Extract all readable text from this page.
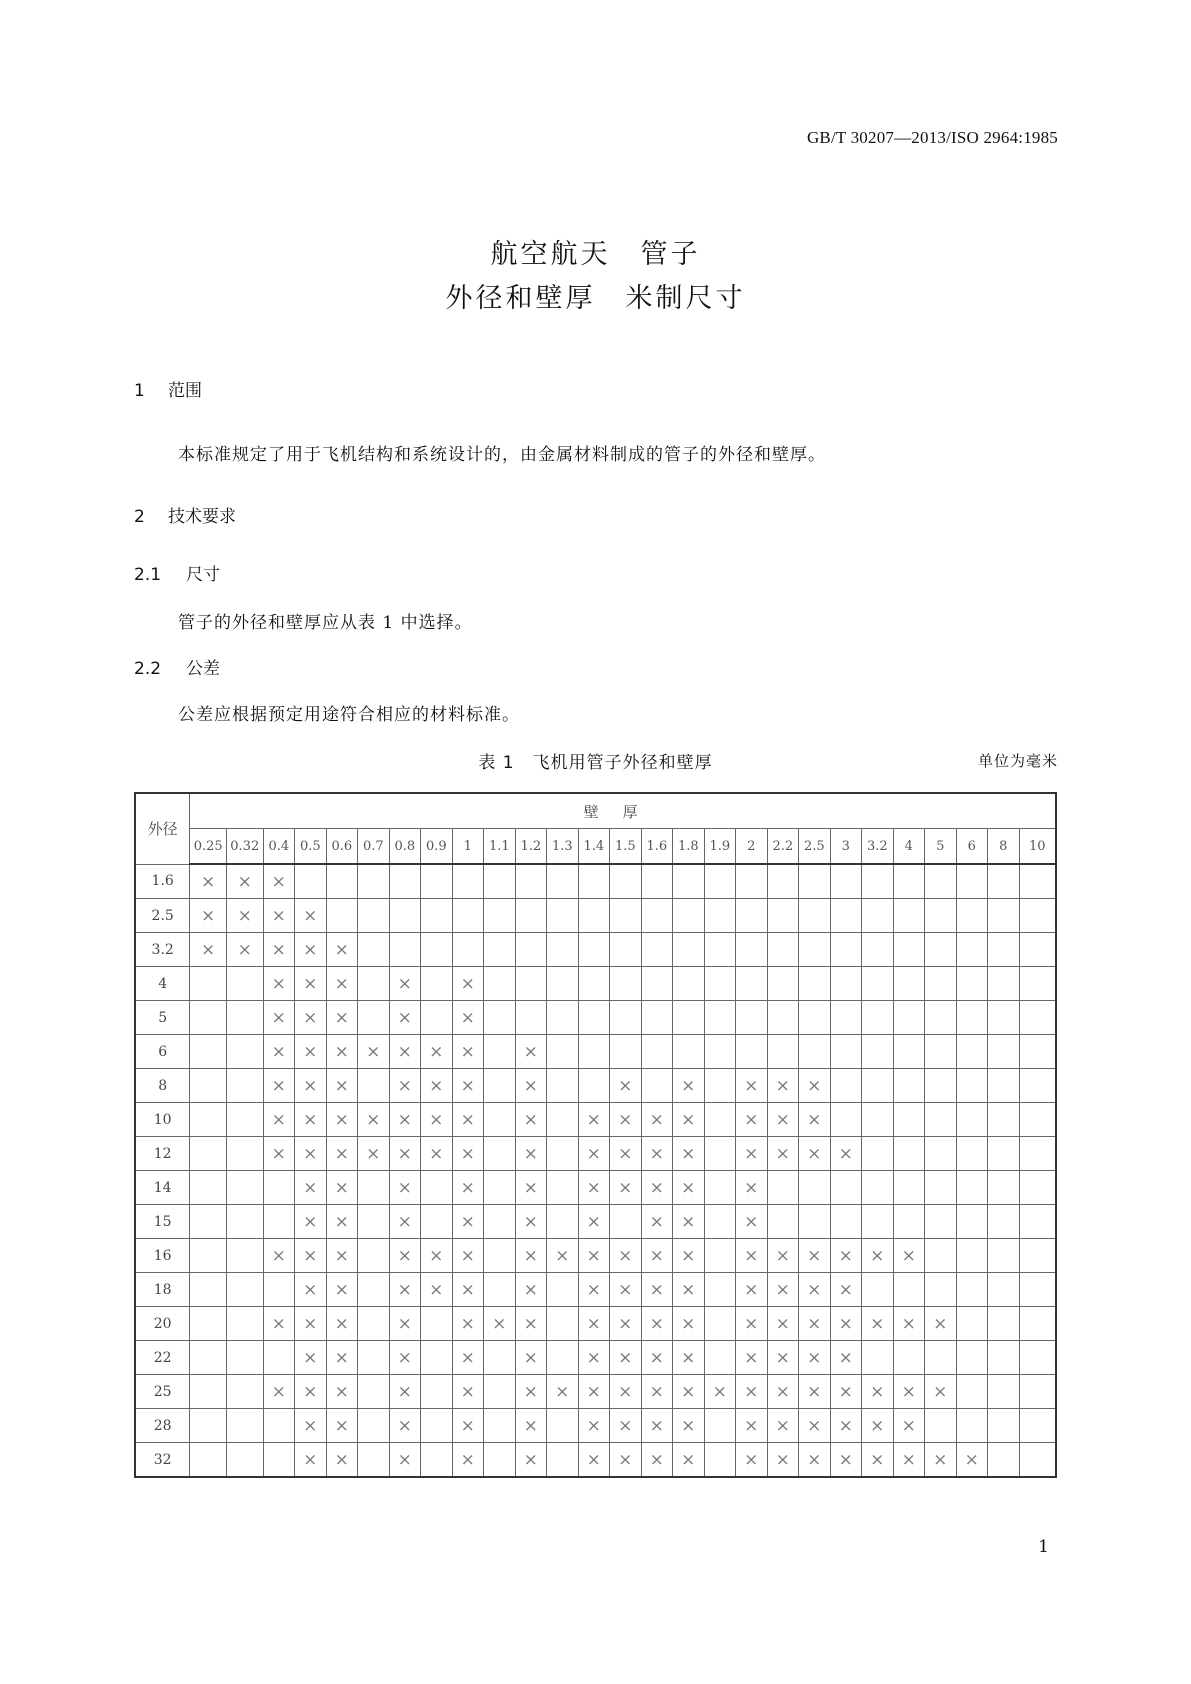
GB/T 30207—2013/ISO 2964:1985
航空航天　管子
外径和壁厚　米制尺寸
1 范围
本标准规定了用于飞机结构和系统设计的，由金属材料制成的管子的外径和壁厚。
2 技术要求
2.1 尺寸
管子的外径和壁厚应从表 1 中选择。
2.2 公差
公差应根据预定用途符合相应的材料标准。
表 1　飞机用管子外径和壁厚	单位为毫米
外径	壁厚																										
	0.25	0.32	0.4	0.5	0.6	0.7	0.8	0.9	1	1.1	1.2	1.3	1.4	1.5	1.6	1.8	1.9	2	2.2	2.5	3	3.2	4	5	6	8	10
1.6	×	×	×																								
2.5	×	×	×	×																							
3.2	×	×	×	×	×																						
4			×	×	×		×		×																		
5			×	×	×		×		×																		
6			×	×	×	×	×	×	×		×																
8			×	×	×		×	×	×		×			×		×		×	×	×							
10			×	×	×	×	×	×	×		×		×	×	×	×		×	×	×							
12			×	×	×	×	×	×	×		×		×	×	×	×		×	×	×	×						
14				×	×		×		×		×		×	×	×	×		×									
15				×	×		×		×		×		×		×	×		×									
16			×	×	×		×	×	×		×	×	×	×	×	×		×	×	×	×	×	×				
18				×	×		×	×	×		×		×	×	×	×		×	×	×	×						
20			×	×	×		×		×	×	×		×	×	×	×		×	×	×	×	×	×	×			
22				×	×		×		×		×		×	×	×	×		×	×	×	×						
25			×	×	×		×		×		×	×	×	×	×	×	×	×	×	×	×	×	×	×			
28				×	×		×		×		×		×	×	×	×		×	×	×	×	×	×				
32				×	×		×		×		×		×	×	×	×		×	×	×	×	×	×	×	×		
1
